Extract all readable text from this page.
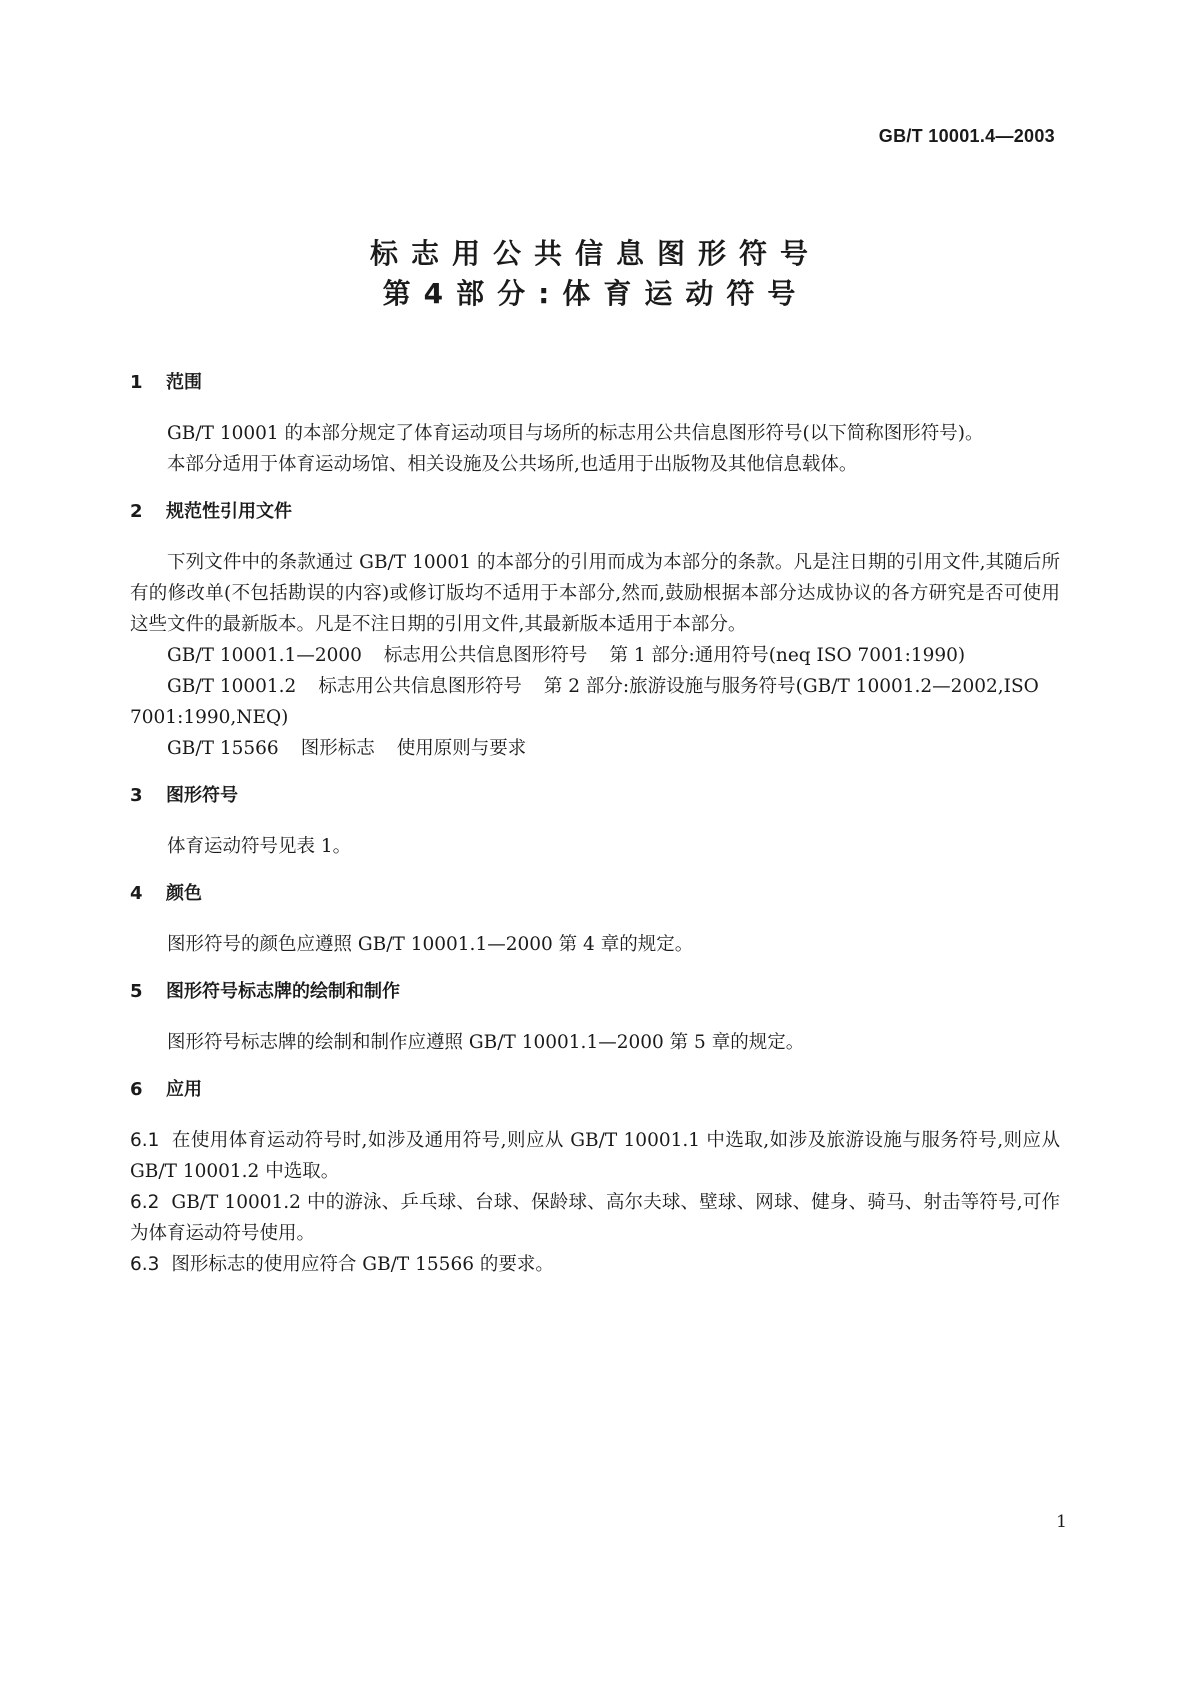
GB/T 10001.4—2003
标志用公共信息图形符号
第4部分:体育运动符号
1 范围

GB/T 10001 的本部分规定了体育运动项目与场所的标志用公共信息图形符号(以下简称图形符号)。

本部分适用于体育运动场馆、相关设施及公共场所,也适用于出版物及其他信息载体。

2 规范性引用文件

下列文件中的条款通过 GB/T 10001 的本部分的引用而成为本部分的条款。凡是注日期的引用文件,其随后所有的修改单(不包括勘误的内容)或修订版均不适用于本部分,然而,鼓励根据本部分达成协议的各方研究是否可使用这些文件的最新版本。凡是不注日期的引用文件,其最新版本适用于本部分。

GB/T 10001.1—2000 标志用公共信息图形符号 第 1 部分:通用符号(neq ISO 7001:1990)

GB/T 10001.2 标志用公共信息图形符号 第 2 部分:旅游设施与服务符号(GB/T 10001.2—2002,ISO 7001:1990,NEQ)

GB/T 15566 图形标志 使用原则与要求

3 图形符号

体育运动符号见表 1。

4 颜色

图形符号的颜色应遵照 GB/T 10001.1—2000 第 4 章的规定。

5 图形符号标志牌的绘制和制作

图形符号标志牌的绘制和制作应遵照 GB/T 10001.1—2000 第 5 章的规定。

6 应用

6.1 在使用体育运动符号时,如涉及通用符号,则应从 GB/T 10001.1 中选取,如涉及旅游设施与服务符号,则应从 GB/T 10001.2 中选取。

6.2 GB/T 10001.2 中的游泳、乒乓球、台球、保龄球、高尔夫球、壁球、网球、健身、骑马、射击等符号,可作为体育运动符号使用。

6.3 图形标志的使用应符合 GB/T 15566 的要求。

1
